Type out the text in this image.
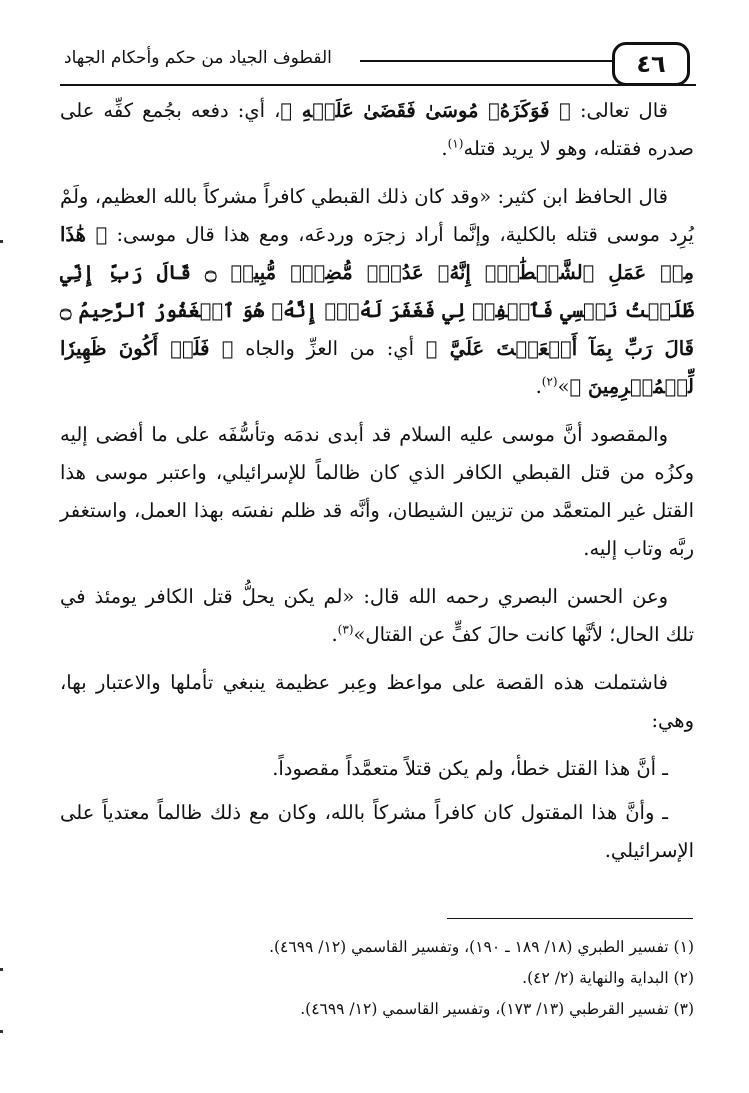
القطوف الجياد من حكم وأحكام الجهاد	٤٦

قال تعالى: ﴿ فَوَكَزَهُۥ مُوسَىٰ فَقَضَىٰ عَلَيۡهِ ﴾، أي: دفعه بجُمع كفِّه على صدره فقتله، وهو لا يريد قتله$^{(١)}$.

قال الحافظ ابن كثير: «وقد كان ذلك القبطي كافراً مشركاً بالله العظيم، ولَمْ يُرِد موسى قتله بالكلية، وإنَّما أراد زجرَه وردعَه، ومع هذا قال موسى: ﴿ هَٰذَا مِنۡ عَمَلِ ٱلشَّيۡطَٰنِۖ إِنَّهُۥ عَدُوّٞ مُّضِلّٞ مُّبِينٞ ۝ قَالَ رَبِّ إِنِّي ظَلَمۡتُ نَفۡسِي فَٱغۡفِرۡ لِي فَغَفَرَ لَهُۥٓۚ إِنَّهُۥ هُوَ ٱلۡغَفُورُ ٱلرَّحِيمُ ۝ قَالَ رَبِّ بِمَآ أَنۡعَمۡتَ عَلَيَّ ﴾ أي: من العزِّ والجاه ﴿ فَلَنۡ أَكُونَ ظَهِيرٗا لِّلۡمُجۡرِمِينَ ﴾»$^{(٢)}$.

والمقصود أنَّ موسى عليه السلام قد أبدى ندمَه وتأسُّفَه على ما أفضى إليه وكزُه من قتل القبطي الكافر الذي كان ظالماً للإسرائيلي، واعتبر موسى هذا القتل غير المتعمَّد من تزيين الشيطان، وأنَّه قد ظلم نفسَه بهذا العمل، واستغفر ربَّه وتاب إليه.

وعن الحسن البصري رحمه الله قال: «لم يكن يحلُّ قتل الكافر يومئذ في تلك الحال؛ لأنَّها كانت حالَ كفٍّ عن القتال»$^{(٣)}$.

فاشتملت هذه القصة على مواعظ وعِبر عظيمة ينبغي تأملها والاعتبار بها، وهي:

ـ أنَّ هذا القتل خطأ، ولم يكن قتلاً متعمَّداً مقصوداً.

ـ وأنَّ هذا المقتول كان كافراً مشركاً بالله، وكان مع ذلك ظالماً معتدياً على الإسرائيلي.

(١) تفسير الطبري (١٨/ ١٨٩ ـ ١٩٠)، وتفسير القاسمي (١٢/ ٤٦٩٩).

(٢) البداية والنهاية (٢/ ٤٢).

(٣) تفسير القرطبي (١٣/ ١٧٣)، وتفسير القاسمي (١٢/ ٤٦٩٩).
